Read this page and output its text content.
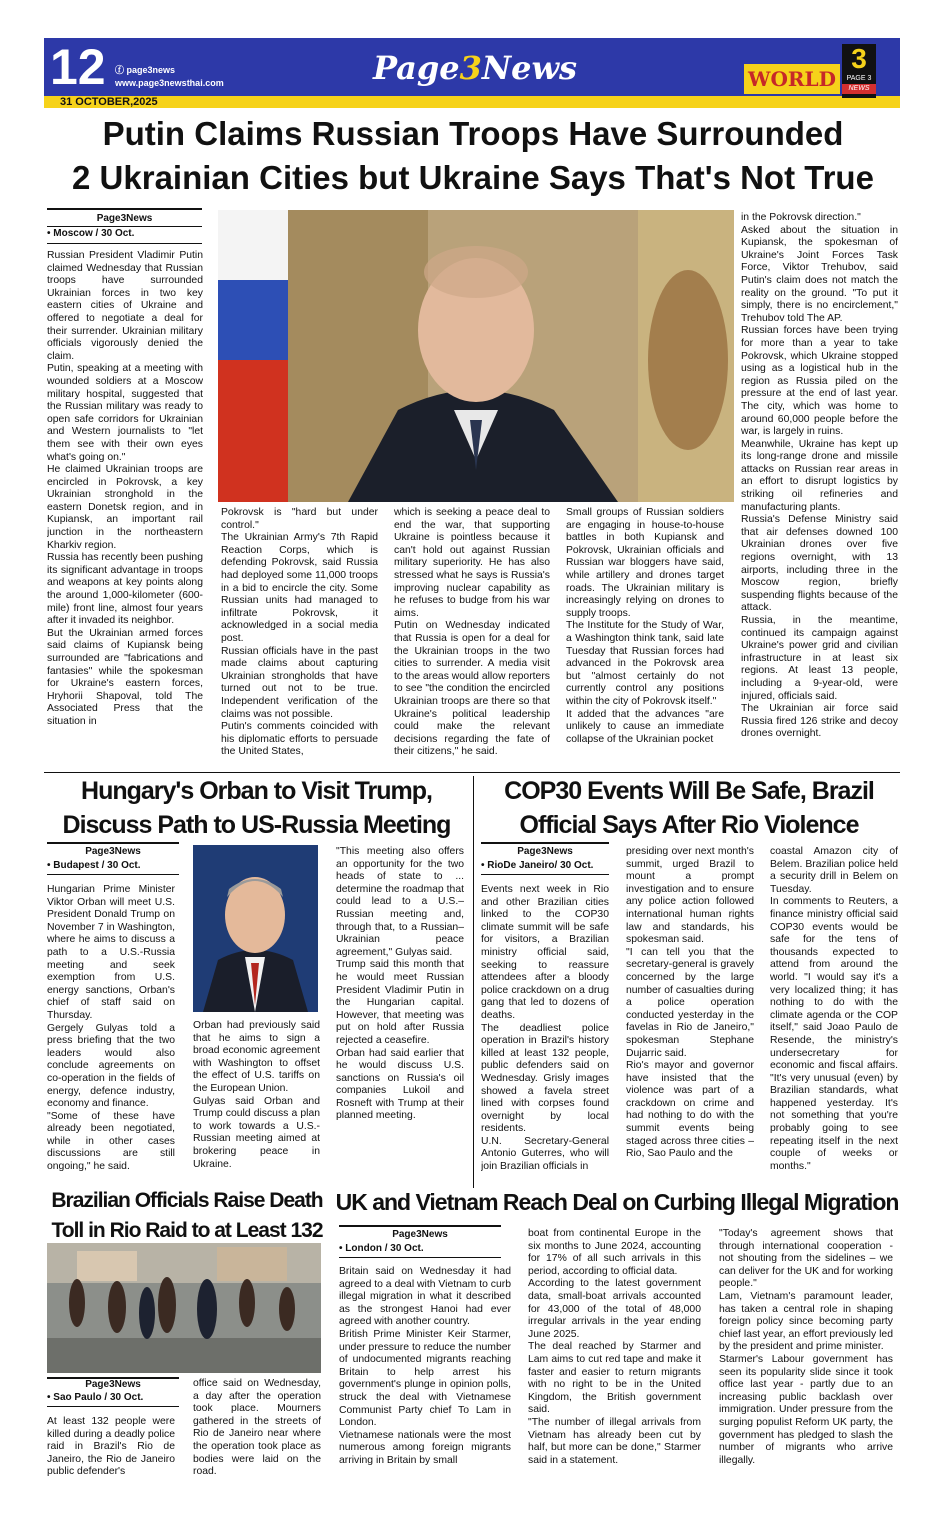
12 ⓕ page3news
www.page3newsthai.com
31 OCTOBER,2025
Page3News	WORLD
3
PAGE 3
NEWS
Putin Claims Russian Troops Have Surrounded
2 Ukrainian Cities but Ukraine Says That's Not True
Page3News
• Moscow / 30 Oct.
Russian President Vladimir Putin claimed Wednesday that Russian troops have surrounded Ukrainian forces in two key eastern cities of Ukraine and offered to negotiate a deal for their surrender. Ukrainian military officials vigorously denied the claim.
Putin, speaking at a meeting with wounded soldiers at a Moscow military hospital, suggested that the Russian military was ready to open safe corridors for Ukrainian and Western journalists to "let them see with their own eyes what's going on."
He claimed Ukrainian troops are encircled in Pokrovsk, a key Ukrainian stronghold in the eastern Donetsk region, and in Kupiansk, an important rail junction in the northeastern Kharkiv region.
Russia has recently been pushing its significant advantage in troops and weapons at key points along the around 1,000-kilometer (600-mile) front line, almost four years after it invaded its neighbor.
But the Ukrainian armed forces said claims of Kupiansk being surrounded are "fabrications and fantasies" while the spokesman for Ukraine's eastern forces, Hryhorii Shapoval, told The Associated Press that the situation in
Pokrovsk is "hard but under control."
The Ukrainian Army's 7th Rapid Reaction Corps, which is defending Pokrovsk, said Russia had deployed some 11,000 troops in a bid to encircle the city. Some Russian units had managed to infiltrate Pokrovsk, it acknowledged in a social media post.
Russian officials have in the past made claims about capturing Ukrainian strongholds that have turned out not to be true. Independent verification of the claims was not possible.
Putin's comments coincided with his diplomatic efforts to persuade the United States,
which is seeking a peace deal to end the war, that supporting Ukraine is pointless because it can't hold out against Russian military superiority. He has also stressed what he says is Russia's improving nuclear capability as he refuses to budge from his war aims.
Putin on Wednesday indicated that Russia is open for a deal for the Ukrainian troops in the two cities to surrender. A media visit to the areas would allow reporters to see "the condition the encircled Ukrainian troops are there so that Ukraine's political leadership could make the relevant decisions regarding the fate of their citizens," he said.
Small groups of Russian soldiers are engaging in house-to-house battles in both Kupiansk and Pokrovsk, Ukrainian officials and Russian war bloggers have said, while artillery and drones target roads. The Ukrainian military is increasingly relying on drones to supply troops.
The Institute for the Study of War, a Washington think tank, said late Tuesday that Russian forces had advanced in the Pokrovsk area but "almost certainly do not currently control any positions within the city of Pokrovsk itself."
It added that the advances "are unlikely to cause an immediate collapse of the Ukrainian pocket
in the Pokrovsk direction."
Asked about the situation in Kupiansk, the spokesman of Ukraine's Joint Forces Task Force, Viktor Trehubov, said Putin's claim does not match the reality on the ground. "To put it simply, there is no encirclement," Trehubov told The AP.
Russian forces have been trying for more than a year to take Pokrovsk, which Ukraine stopped using as a logistical hub in the region as Russia piled on the pressure at the end of last year. The city, which was home to around 60,000 people before the war, is largely in ruins.
Meanwhile, Ukraine has kept up its long-range drone and missile attacks on Russian rear areas in an effort to disrupt logistics by striking oil refineries and manufacturing plants.
Russia's Defense Ministry said that air defenses downed 100 Ukrainian drones over five regions overnight, with 13 airports, including three in the Moscow region, briefly suspending flights because of the attack.
Russia, in the meantime, continued its campaign against Ukraine's power grid and civilian infrastructure in at least six regions. At least 13 people, including a 9-year-old, were injured, officials said.
The Ukrainian air force said Russia fired 126 strike and decoy drones overnight.
Hungary's Orban to Visit Trump,
Discuss Path to US-Russia Meeting
Page3News
• Budapest / 30 Oct.
Hungarian Prime Minister Viktor Orban will meet U.S. President Donald Trump on November 7 in Washington, where he aims to discuss a path to a U.S.-Russia meeting and seek exemption from U.S. energy sanctions, Orban's chief of staff said on Thursday.
Gergely Gulyas told a press briefing that the two leaders would also conclude agreements on co-operation in the fields of energy, defence industry, economy and finance.
"Some of these have already been negotiated, while in other cases discussions are still ongoing," he said.
Orban had previously said that he aims to sign a broad economic agreement with Washington to offset the effect of U.S. tariffs on the European Union.
Gulyas said Orban and Trump could discuss a plan to work towards a U.S.-Russian meeting aimed at brokering peace in Ukraine.
"This meeting also offers an opportunity for the two heads of state to ... determine the roadmap that could lead to a U.S.–Russian meeting and, through that, to a Russian–Ukrainian peace agreement," Gulyas said.
Trump said this month that he would meet Russian President Vladimir Putin in the Hungarian capital. However, that meeting was put on hold after Russia rejected a ceasefire.
Orban had said earlier that he would discuss U.S. sanctions on Russia's oil companies Lukoil and Rosneft with Trump at their planned meeting.
COP30 Events Will Be Safe, Brazil
Official Says After Rio Violence
Page3News
• RioDe Janeiro/ 30 Oct.
Events next week in Rio and other Brazilian cities linked to the COP30 climate summit will be safe for visitors, a Brazilian ministry official said, seeking to reassure attendees after a bloody police crackdown on a drug gang that led to dozens of deaths.
The deadliest police operation in Brazil's history killed at least 132 people, public defenders said on Wednesday. Grisly images showed a favela street lined with corpses found overnight by local residents.
U.N. Secretary-General Antonio Guterres, who will join Brazilian officials in
presiding over next month's summit, urged Brazil to mount a prompt investigation and to ensure any police action followed international human rights law and standards, his spokesman said.
"I can tell you that the secretary-general is gravely concerned by the large number of casualties during a police operation conducted yesterday in the favelas in Rio de Janeiro," spokesman Stephane Dujarric said.
Rio's mayor and governor have insisted that the violence was part of a crackdown on crime and had nothing to do with the summit events being staged across three cities – Rio, Sao Paulo and the
coastal Amazon city of Belem. Brazilian police held a security drill in Belem on Tuesday.
In comments to Reuters, a finance ministry official said COP30 events would be safe for the tens of thousands expected to attend from around the world. "I would say it's a very localized thing; it has nothing to do with the climate agenda or the COP itself," said Joao Paulo de Resende, the ministry's undersecretary for economic and fiscal affairs. "It's very unusual (even) by Brazilian standards, what happened yesterday. It's not something that you're probably going to see repeating itself in the next couple of weeks or months."
Brazilian Officials Raise Death
Toll in Rio Raid to at Least 132
Page3News
• Sao Paulo / 30 Oct.
At least 132 people were killed during a deadly police raid in Brazil's Rio de Janeiro, the Rio de Janeiro public defender's
office said on Wednesday, a day after the operation took place. Mourners gathered in the streets of Rio de Janeiro near where the operation took place as bodies were laid on the road.
UK and Vietnam Reach Deal on Curbing Illegal Migration
Page3News
• London / 30 Oct.
Britain said on Wednesday it had agreed to a deal with Vietnam to curb illegal migration in what it described as the strongest Hanoi had ever agreed with another country.
British Prime Minister Keir Starmer, under pressure to reduce the number of undocumented migrants reaching Britain to help arrest his government's plunge in opinion polls, struck the deal with Vietnamese Communist Party chief To Lam in London.
Vietnamese nationals were the most numerous among foreign migrants arriving in Britain by small
boat from continental Europe in the six months to June 2024, accounting for 17% of all such arrivals in this period, according to official data.
According to the latest government data, small-boat arrivals accounted for 43,000 of the total of 48,000 irregular arrivals in the year ending June 2025.
The deal reached by Starmer and Lam aims to cut red tape and make it faster and easier to return migrants with no right to be in the United Kingdom, the British government said.
"The number of illegal arrivals from Vietnam has already been cut by half, but more can be done," Starmer said in a statement.
"Today's agreement shows that through international cooperation - not shouting from the sidelines – we can deliver for the UK and for working people."
Lam, Vietnam's paramount leader, has taken a central role in shaping foreign policy since becoming party chief last year, an effort previously led by the president and prime minister.
Starmer's Labour government has seen its popularity slide since it took office last year - partly due to an increasing public backlash over immigration. Under pressure from the surging populist Reform UK party, the government has pledged to slash the number of migrants who arrive illegally.
